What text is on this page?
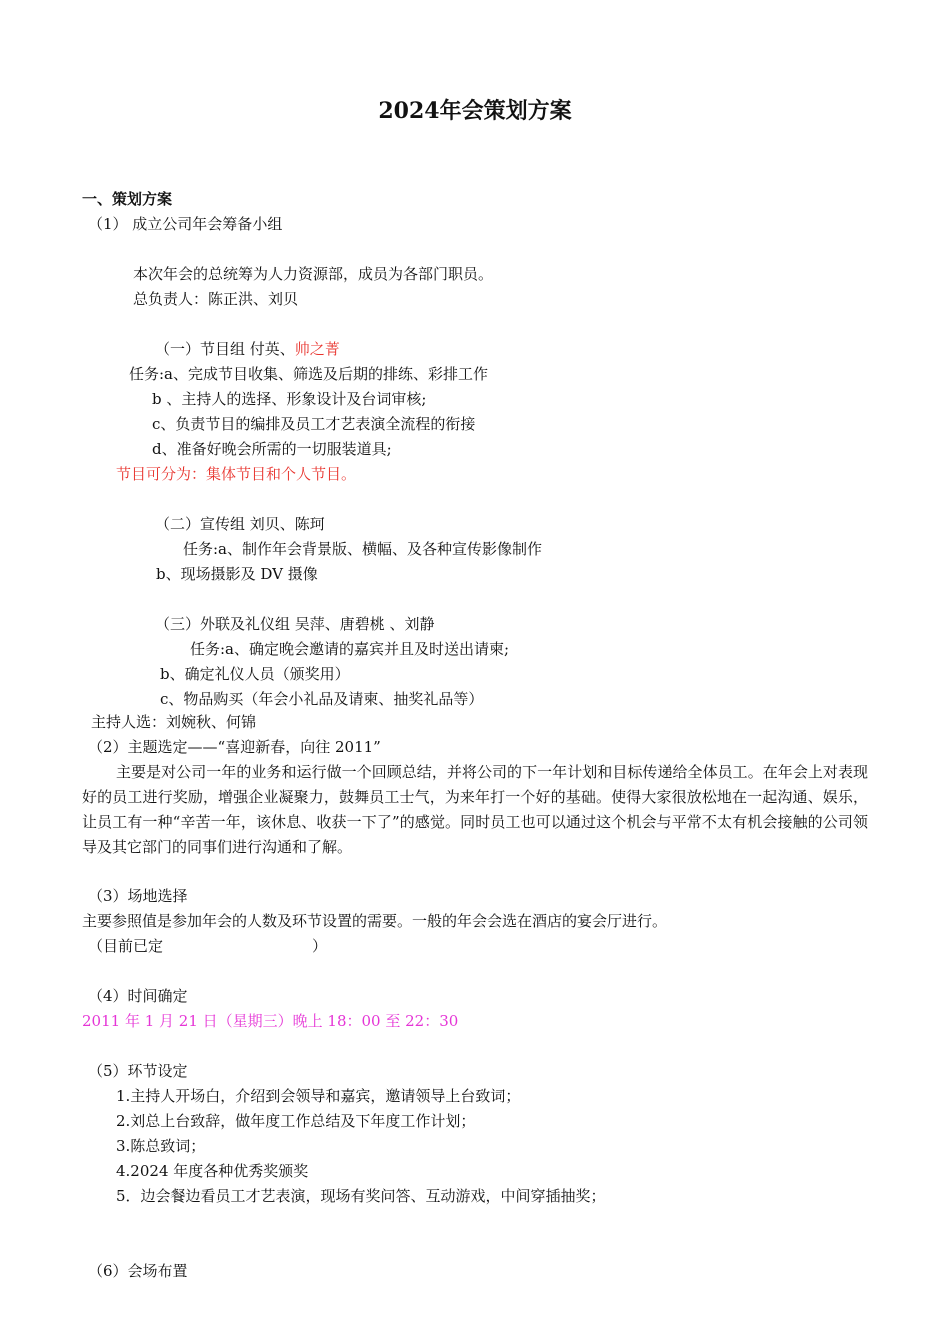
2024年会策划方案
一、策划方案
（1） 成立公司年会筹备小组
本次年会的总统筹为人力资源部，成员为各部门职员。
总负责人：陈正洪、刘贝
（一）节目组 付英、帅之菁
任务:a、完成节目收集、筛选及后期的排练、彩排工作
b 、主持人的选择、形象设计及台词审核;
c、负责节目的编排及员工才艺表演全流程的衔接
d、准备好晚会所需的一切服装道具;
节目可分为：集体节目和个人节目。
（二）宣传组 刘贝、陈珂
任务:a、制作年会背景版、横幅、及各种宣传影像制作
b、现场摄影及 DV 摄像
（三）外联及礼仪组 吴萍、唐碧桃 、刘静
任务:a、确定晚会邀请的嘉宾并且及时送出请柬;
b、确定礼仪人员（颁奖用）
c、物品购买（年会小礼品及请柬、抽奖礼品等）
主持人选：刘婉秋、何锦
（2）主题选定——“喜迎新春，向往 2011”

主要是对公司一年的业务和运行做一个回顾总结，并将公司的下一年计划和目标传递给全体员工。在年会上对表现好的员工进行奖励，增强企业凝聚力，鼓舞员工士气，为来年打一个好的基础。使得大家很放松地在一起沟通、娱乐，让员工有一种“辛苦一年，该休息、收获一下了”的感觉。同时员工也可以通过这个机会与平常不太有机会接触的公司领导及其它部门的同事们进行沟通和了解。

（3）场地选择
主要参照值是参加年会的人数及环节设置的需要。一般的年会会选在酒店的宴会厅进行。
（目前已定	）
（4）时间确定
2011 年 1 月 21 日（星期三）晚上 18：00 至 22：30
（5）环节设定
1.主持人开场白，介绍到会领导和嘉宾，邀请领导上台致词；
2.刘总上台致辞，做年度工作总结及下年度工作计划；
3.陈总致词；
4.2024 年度各种优秀奖颁奖
5．边会餐边看员工才艺表演，现场有奖问答、互动游戏，中间穿插抽奖；
（6）会场布置
